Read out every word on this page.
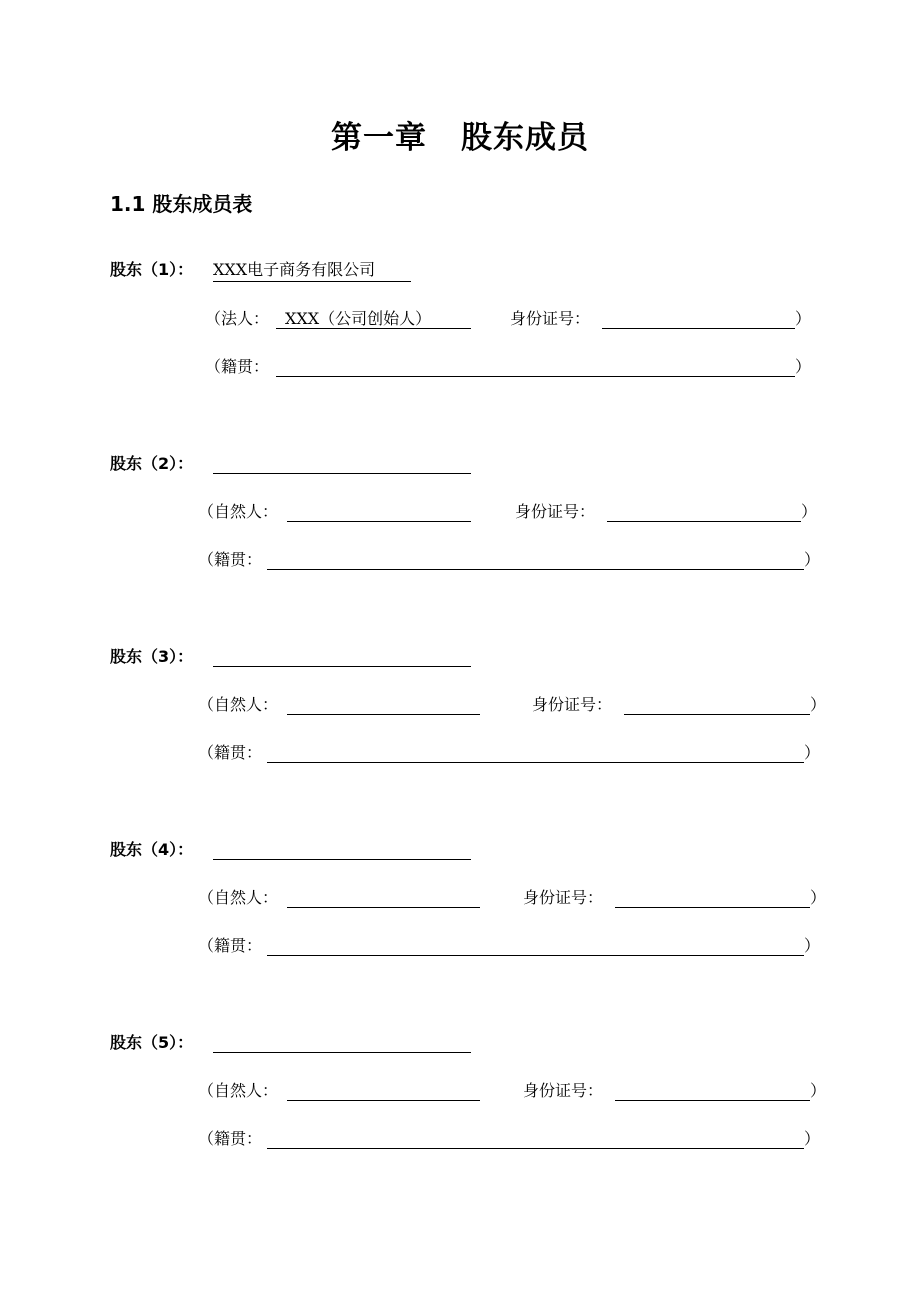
第一章 股东成员
1.1 股东成员表
股东（1）： XXX电子商务有限公司
（法人： XXX（公司创始人）	身份证号：	）
（籍贯：	）
股东（2）：
（自然人：	身份证号：	）
（籍贯：	）
股东（3）：
（自然人：	身份证号：	）
（籍贯：	）
股东（4）：
（自然人：	身份证号：	）
（籍贯：	）
股东（5）：
（自然人：	身份证号：	）
（籍贯：	）
